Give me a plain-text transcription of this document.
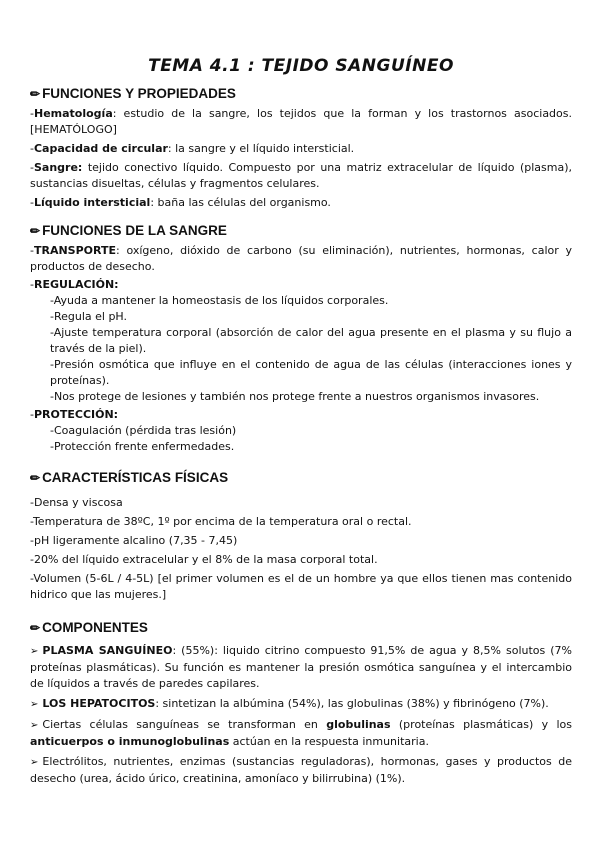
TEMA 4.1 : TEJIDO SANGUÍNEO
✏ FUNCIONES Y PROPIEDADES

-Hematología: estudio de la sangre, los tejidos que la forman y los trastornos asociados. [HEMATÓLOGO]

-Capacidad de circular: la sangre y el líquido intersticial.

-Sangre: tejido conectivo líquido. Compuesto por una matriz extracelular de líquido (plasma), sustancias disueltas, células y fragmentos celulares.

-Líquido intersticial: baña las células del organismo.

✏ FUNCIONES DE LA SANGRE

-TRANSPORTE: oxígeno, dióxido de carbono (su eliminación), nutrientes, hormonas, calor y productos de desecho.

-REGULACIÓN:

-Ayuda a mantener la homeostasis de los líquidos corporales.

-Regula el pH.

-Ajuste temperatura corporal (absorción de calor del agua presente en el plasma y su flujo a través de la piel).

-Presión osmótica que influye en el contenido de agua de las células (interacciones iones y proteínas).

-Nos protege de lesiones y también nos protege frente a nuestros organismos invasores.

-PROTECCIÓN:

-Coagulación (pérdida tras lesión)

-Protección frente enfermedades.

✏ CARACTERÍSTICAS FÍSICAS

-Densa y viscosa

-Temperatura de 38ºC, 1º por encima de la temperatura oral o rectal.

-pH ligeramente alcalino (7,35 - 7,45)

-20% del líquido extracelular y el 8% de la masa corporal total.

-Volumen (5-6L / 4-5L) [el primer volumen es el de un hombre ya que ellos tienen mas contenido hidrico que las mujeres.]

✏ COMPONENTES

➢ PLASMA SANGUÍNEO: (55%): liquido citrino compuesto 91,5% de agua y 8,5% solutos (7% proteínas plasmáticas). Su función es mantener la presión osmótica sanguínea y el intercambio de líquidos a través de paredes capilares.

➢ LOS HEPATOCITOS: sintetizan la albúmina (54%), las globulinas (38%) y fibrinógeno (7%).

➢ Ciertas células sanguíneas se transforman en globulinas (proteínas plasmáticas) y los anticuerpos o inmunoglobulinas actúan en la respuesta inmunitaria.

➢ Electrólitos, nutrientes, enzimas (sustancias reguladoras), hormonas, gases y productos de desecho (urea, ácido úrico, creatinina, amoníaco y bilirrubina) (1%).
